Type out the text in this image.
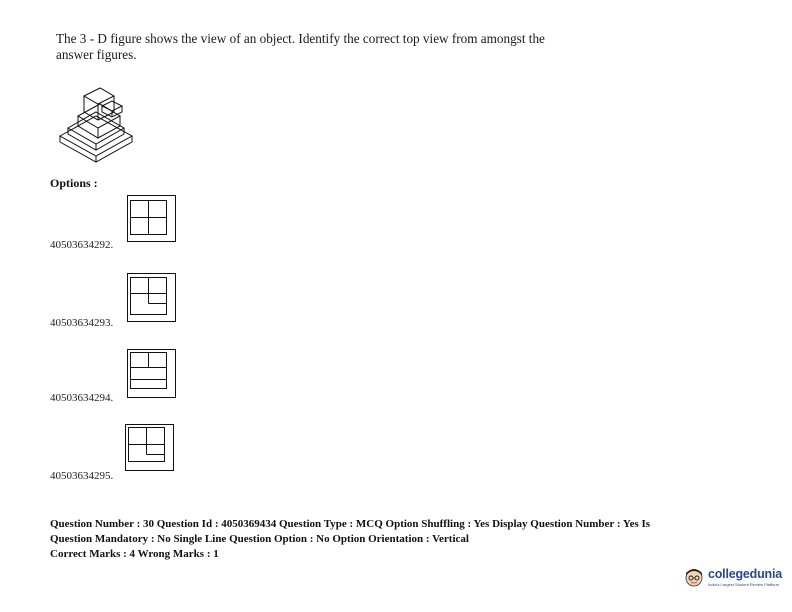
The 3 - D figure shows the view of an object. Identify the correct top view from amongst the
answer figures.
Options :
40503634292.
40503634293.
40503634294.
40503634295.
Question Number : 30 Question Id : 4050369434 Question Type : MCQ Option Shuffling : Yes Display Question Number : Yes Is
Question Mandatory : No Single Line Question Option : No Option Orientation : Vertical
Correct Marks : 4 Wrong Marks : 1
collegedunia
India's Largest Student Review Platform
